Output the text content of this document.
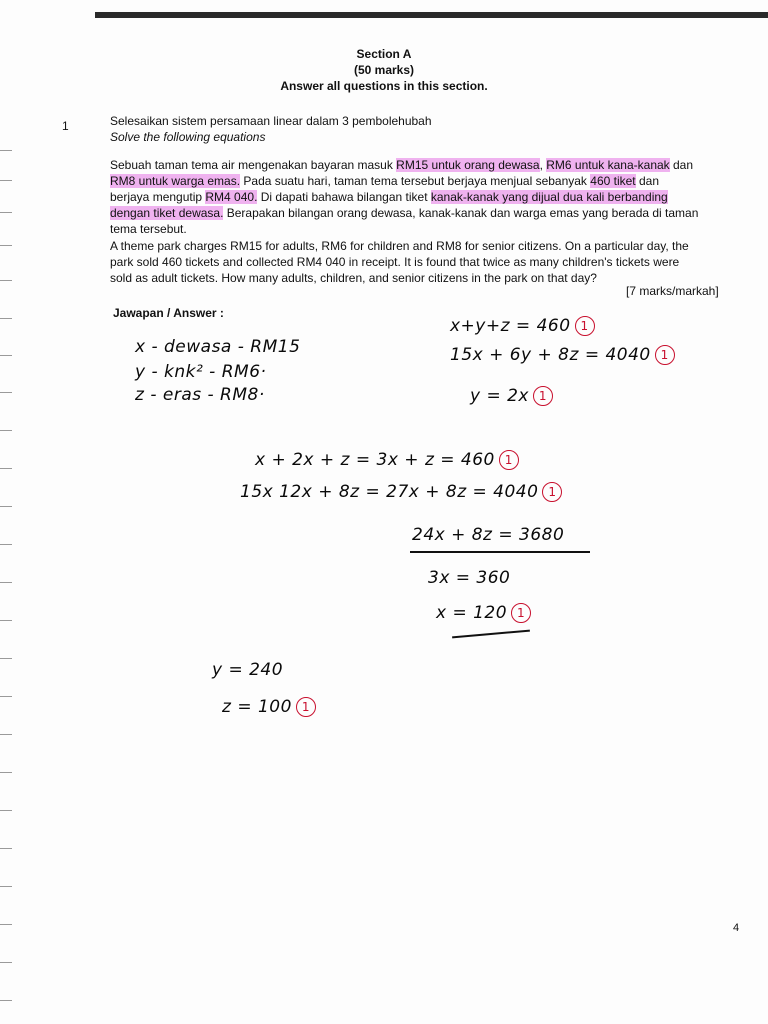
Section A
(50 marks)
Answer all questions in this section.
1	Selesaikan sistem persamaan linear dalam 3 pembolehubah
Solve the following equations
Sebuah taman tema air mengenakan bayaran masuk RM15 untuk orang dewasa, RM6 untuk kana-kanak dan
RM8 untuk warga emas. Pada suatu hari, taman tema tersebut berjaya menjual sebanyak 460 tiket dan
berjaya mengutip RM4 040. Di dapati bahawa bilangan tiket kanak-kanak yang dijual dua kali berbanding
dengan tiket dewasa. Berapakan bilangan orang dewasa, kanak-kanak dan warga emas yang berada di taman
tema tersebut.
A theme park charges RM15 for adults, RM6 for children and RM8 for senior citizens. On a particular day, the
park sold 460 tickets and collected RM4 040 in receipt. It is found that twice as many children's tickets were
sold as adult tickets. How many adults, children, and senior citizens in the park on that day?
[7 marks/markah]
Jawapan / Answer :
x - dewasa - RM15
y - knk² - RM6·
z - eras - RM8·
x+y+z = 460 1
15x + 6y + 8z = 4040 1
y = 2x 1
x + 2x + z = 3x + z = 460 1
15x 12x + 8z = 27x + 8z = 4040 1
24x + 8z = 3680
3x = 360
x = 120 1
y = 240
z = 100 1
4
